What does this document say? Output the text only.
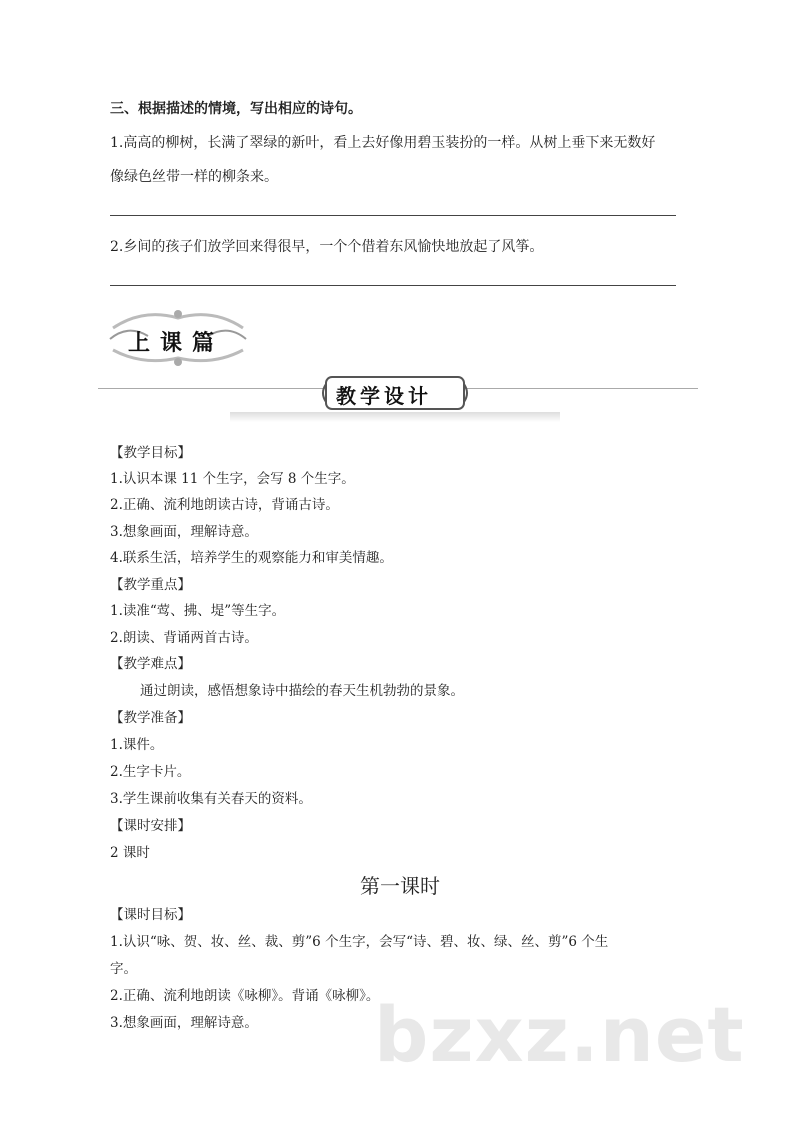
三、根据描述的情境，写出相应的诗句。
1.高高的柳树，长满了翠绿的新叶，看上去好像用碧玉装扮的一样。从树上垂下来无数好
像绿色丝带一样的柳条来。
2.乡间的孩子们放学回来得很早，一个个借着东风愉快地放起了风筝。
上课篇
教学设计
【教学目标】
1.认识本课 11 个生字，会写 8 个生字。
2.正确、流利地朗读古诗，背诵古诗。
3.想象画面，理解诗意。
4.联系生活，培养学生的观察能力和审美情趣。
【教学重点】
1.读准“莺、拂、堤”等生字。
2.朗读、背诵两首古诗。
【教学难点】
通过朗读，感悟想象诗中描绘的春天生机勃勃的景象。
【教学准备】
1.课件。
2.生字卡片。
3.学生课前收集有关春天的资料。
【课时安排】
2 课时
第一课时
【课时目标】
1.认识“咏、贺、妆、丝、裁、剪”6 个生字，会写“诗、碧、妆、绿、丝、剪”6 个生
字。
2.正确、流利地朗读《咏柳》。背诵《咏柳》。
3.想象画面，理解诗意。 bzxz.net
